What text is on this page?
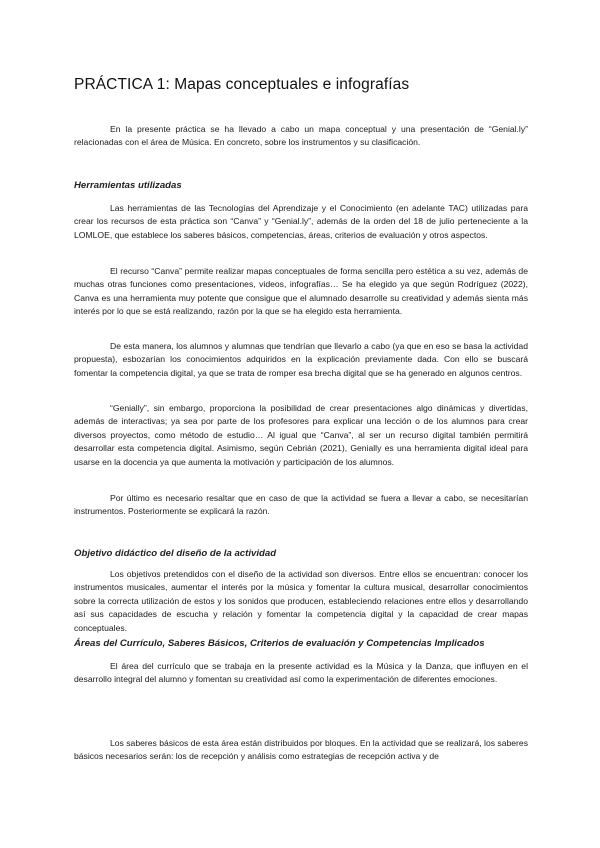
PRÁCTICA 1: Mapas conceptuales e infografías

En la presente práctica se ha llevado a cabo un mapa conceptual y una presentación de “Genial.ly” relacionadas con el área de Música. En concreto, sobre los instrumentos y su clasificación.

Herramientas utilizadas

Las herramientas de las Tecnologías del Aprendizaje y el Conocimiento (en adelante TAC) utilizadas para crear los recursos de esta práctica son “Canva” y “Genial.ly”, además de la orden del 18 de julio perteneciente a la LOMLOE, que establece los saberes básicos, competencias, áreas, criterios de evaluación y otros aspectos.

El recurso “Canva” permite realizar mapas conceptuales de forma sencilla pero estética a su vez, además de muchas otras funciones como presentaciones, videos, infografías… Se ha elegido ya que según Rodríguez (2022), Canva es una herramienta muy potente que consigue que el alumnado desarrolle su creatividad y además sienta más interés por lo que se está realizando, razón por la que se ha elegido esta herramienta.

De esta manera, los alumnos y alumnas que tendrían que llevarlo a cabo (ya que en eso se basa la actividad propuesta), esbozarían los conocimientos adquiridos en la explicación previamente dada. Con ello se buscará fomentar la competencia digital, ya que se trata de romper esa brecha digital que se ha generado en algunos centros.

“Genially”, sin embargo, proporciona la posibilidad de crear presentaciones algo dinámicas y divertidas, además de interactivas; ya sea por parte de los profesores para explicar una lección o de los alumnos para crear diversos proyectos, como método de estudio… Al igual que “Canva”, al ser un recurso digital también permitirá desarrollar esta competencia digital. Asimismo, según Cebrián (2021), Genially es una herramienta digital ideal para usarse en la docencia ya que aumenta la motivación y participación de los alumnos.

Por último es necesario resaltar que en caso de que la actividad se fuera a llevar a cabo, se necesitarían instrumentos. Posteriormente se explicará la razón.

Objetivo didáctico del diseño de la actividad

Los objetivos pretendidos con el diseño de la actividad son diversos. Entre ellos se encuentran: conocer los instrumentos musicales, aumentar el interés por la música y fomentar la cultura musical, desarrollar conocimientos sobre la correcta utilización de estos y los sonidos que producen, estableciendo relaciones entre ellos y desarrollando así sus capacidades de escucha y relación y fomentar la competencia digital y la capacidad de crear mapas conceptuales.

Áreas del Currículo, Saberes Básicos, Criterios de evaluación y Competencias Implicados

El área del currículo que se trabaja en la presente actividad es la Música y la Danza, que influyen en el desarrollo integral del alumno y fomentan su creatividad así como la experimentación de diferentes emociones.

Los saberes básicos de esta área están distribuidos por bloques. En la actividad que se realizará, los saberes básicos necesarios serán: los de recepción y análisis como estrategias de recepción activa y de
